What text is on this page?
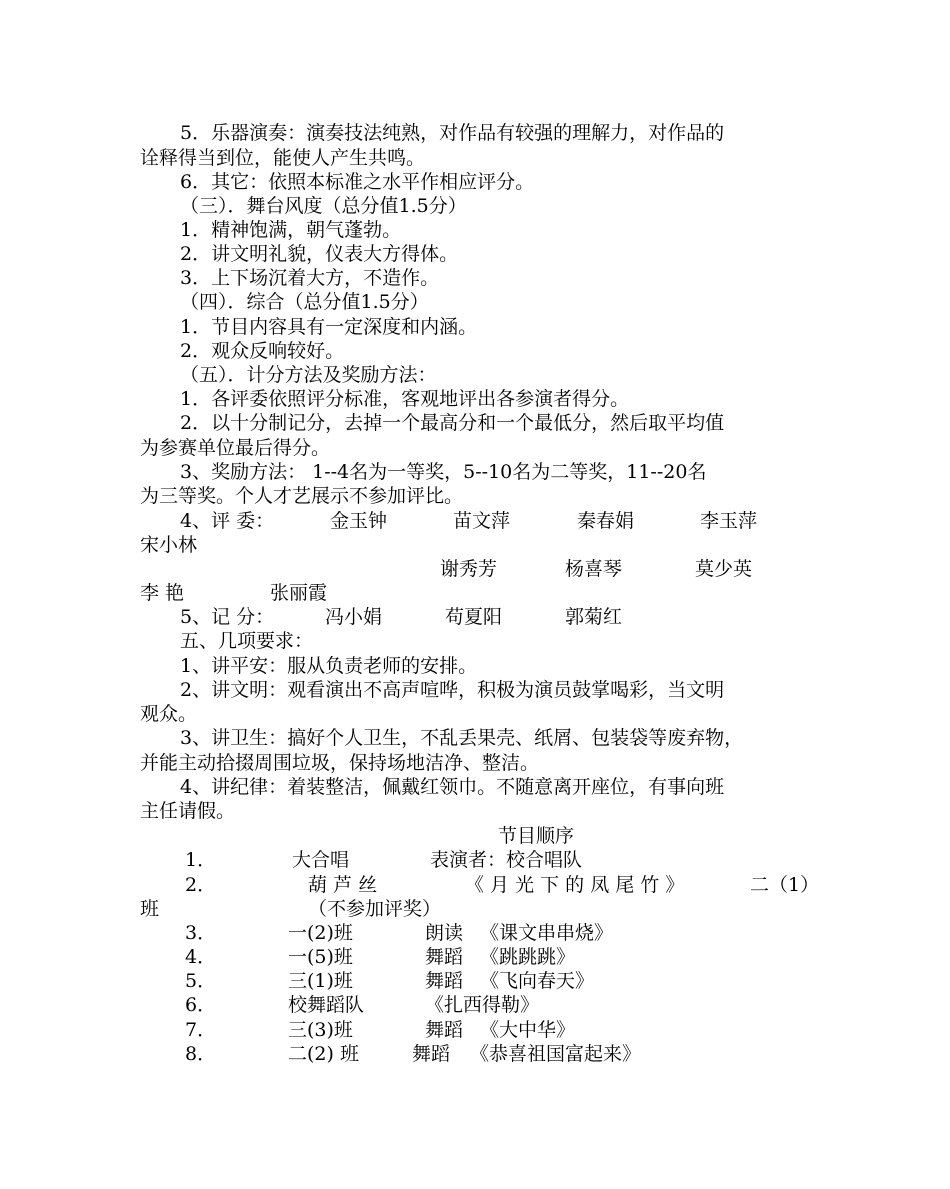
5．乐器演奏：演奏技法纯熟，对作品有较强的理解力，对作品的
诠释得当到位，能使人产生共鸣。
6．其它：依照本标准之水平作相应评分。
（三）．舞台风度（总分值1.5分）
1．精神饱满，朝气蓬勃。
2．讲文明礼貌，仪表大方得体。
3．上下场沉着大方，不造作。
（四）．综合（总分值1.5分）
1．节目内容具有一定深度和内涵。
2．观众反响较好。
（五）．计分方法及奖励方法：
1．各评委依照评分标准，客观地评出各参演者得分。
2．以十分制记分，去掉一个最高分和一个最低分，然后取平均值
为参赛单位最后得分。
3、奖励方法： 1--4名为一等奖，5--10名为二等奖，11--20名
为三等奖。个人才艺展示不参加评比。
4、评 委：	金玉钟	苗文萍	秦春娟	李玉萍
宋小林
谢秀芳	杨喜琴	莫少英
李 艳	张丽霞
5、记 分：	冯小娟	苟夏阳	郭菊红
五、几项要求：
1、讲平安：服从负责老师的安排。
2、讲文明：观看演出不高声喧哗，积极为演员鼓掌喝彩，当文明
观众。
3、讲卫生：搞好个人卫生，不乱丢果壳、纸屑、包装袋等废弃物，
并能主动拾掇周围垃圾，保持场地洁净、整洁。
4、讲纪律：着装整洁，佩戴红领巾。不随意离开座位，有事向班
主任请假。
节目顺序
1．	大合唱	表演者：校合唱队
2．	葫 芦 丝	《 月 光 下 的 凤 尾 竹 》	二（1）
班	（不参加评奖）
3．	一(2)班	朗读 《课文串串烧》
4．	一(5)班	舞蹈 《跳跳跳》
5．	三(1)班	舞蹈 《飞向春天》
6．	校舞蹈队	《扎西得勒》
7．	三(3)班	舞蹈 《大中华》
8．	二(2) 班	舞蹈 《恭喜祖国富起来》
